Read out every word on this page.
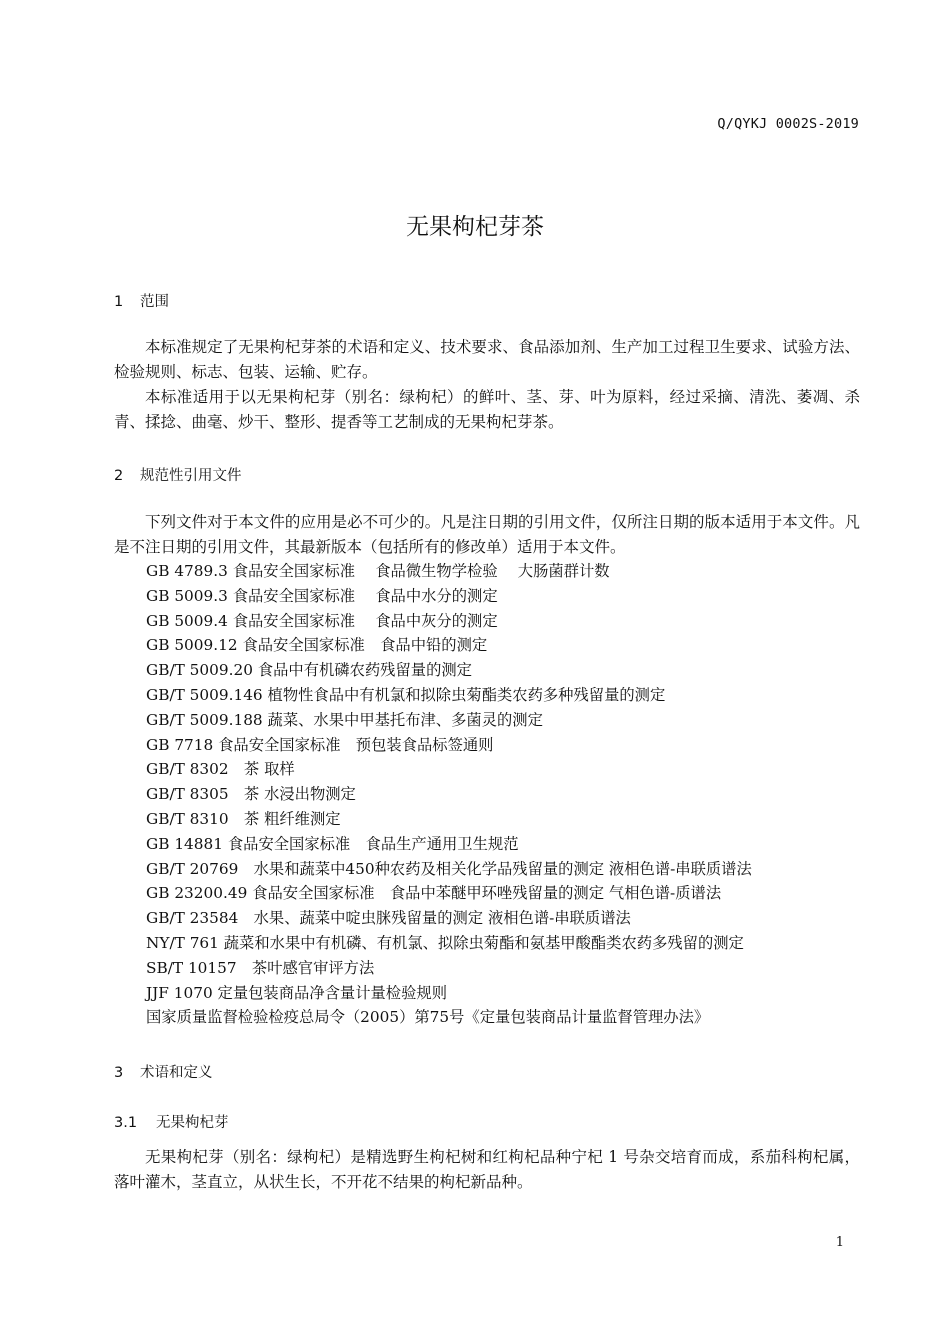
Q/QYKJ 0002S-2019
无果枸杞芽茶
1 范围

本标准规定了无果枸杞芽茶的术语和定义、技术要求、食品添加剂、生产加工过程卫生要求、试验方法、检验规则、标志、包装、运输、贮存。

本标准适用于以无果枸杞芽（别名：绿枸杞）的鲜叶、茎、芽、叶为原料，经过采摘、清洗、萎凋、杀青、揉捻、曲毫、炒干、整形、提香等工艺制成的无果枸杞芽茶。

2 规范性引用文件

下列文件对于本文件的应用是必不可少的。凡是注日期的引用文件，仅所注日期的版本适用于本文件。凡是不注日期的引用文件，其最新版本（包括所有的修改单）适用于本文件。

GB 4789.3 食品安全国家标准　 食品微生物学检验　 大肠菌群计数
GB 5009.3 食品安全国家标准　 食品中水分的测定
GB 5009.4 食品安全国家标准　 食品中灰分的测定
GB 5009.12 食品安全国家标准　食品中铅的测定
GB/T 5009.20 食品中有机磷农药残留量的测定
GB/T 5009.146 植物性食品中有机氯和拟除虫菊酯类农药多种残留量的测定
GB/T 5009.188 蔬菜、水果中甲基托布津、多菌灵的测定
GB 7718 食品安全国家标准　预包装食品标签通则
GB/T 8302　茶 取样
GB/T 8305　茶 水浸出物测定
GB/T 8310　茶 粗纤维测定
GB 14881 食品安全国家标准　食品生产通用卫生规范
GB/T 20769　水果和蔬菜中450种农药及相关化学品残留量的测定 液相色谱-串联质谱法
GB 23200.49 食品安全国家标准　食品中苯醚甲环唑残留量的测定 气相色谱-质谱法
GB/T 23584　水果、蔬菜中啶虫脒残留量的测定 液相色谱-串联质谱法
NY/T 761 蔬菜和水果中有机磷、有机氯、拟除虫菊酯和氨基甲酸酯类农药多残留的测定
SB/T 10157　茶叶感官审评方法
JJF 1070 定量包装商品净含量计量检验规则
国家质量监督检验检疫总局令（2005）第75号《定量包装商品计量监督管理办法》
3 术语和定义
3.1 无果枸杞芽

无果枸杞芽（别名：绿枸杞）是精选野生枸杞树和红枸杞品种宁杞 1 号杂交培育而成，系茄科枸杞属，落叶灌木，茎直立，从状生长，不开花不结果的枸杞新品种。

1
